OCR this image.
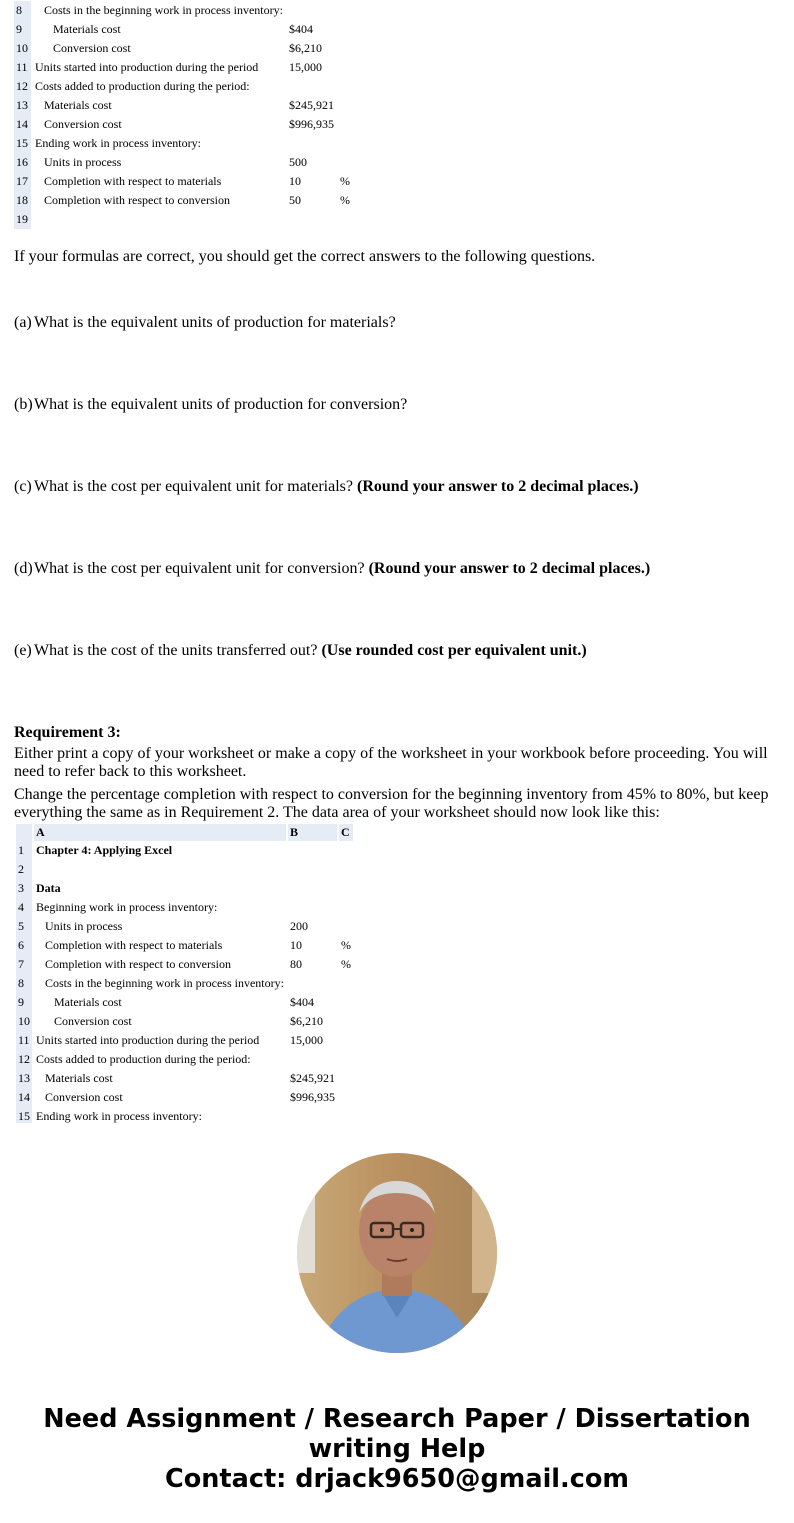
8	Costs in the beginning work in process inventory:		
9	Materials cost	$404	
10	Conversion cost	$6,210	
11	Units started into production during the period	15,000	
12	Costs added to production during the period:		
13	Materials cost	$245,921	
14	Conversion cost	$996,935	
15	Ending work in process inventory:		
16	Units in process	500	
17	Completion with respect to materials	10	%
18	Completion with respect to conversion	50	%
19			
If your formulas are correct, you should get the correct answers to the following questions.
(a) What is the equivalent units of production for materials?
(b)What is the equivalent units of production for conversion?
(c) What is the cost per equivalent unit for materials? (Round your answer to 2 decimal places.)
(d)What is the cost per equivalent unit for conversion? (Round your answer to 2 decimal places.)
(e) What is the cost of the units transferred out? (Use rounded cost per equivalent unit.)
Requirement 3:
Either print a copy of your worksheet or make a copy of the worksheet in your workbook before proceeding. You will need to refer back to this worksheet.
Change the percentage completion with respect to conversion for the beginning inventory from 45% to 80%, but keep everything the same as in Requirement 2. The data area of your worksheet should now look like this:
	A	B	C
1	Chapter 4: Applying Excel		
2			
3	Data		
4	Beginning work in process inventory:		
5	Units in process	200	
6	Completion with respect to materials	10	%
7	Completion with respect to conversion	80	%
8	Costs in the beginning work in process inventory:		
9	Materials cost	$404	
10	Conversion cost	$6,210	
11	Units started into production during the period	15,000	
12	Costs added to production during the period:		
13	Materials cost	$245,921	
14	Conversion cost	$996,935	
15	Ending work in process inventory:		
Need Assignment / Research Paper / Dissertation
writing Help
Contact: drjack9650@gmail.com
